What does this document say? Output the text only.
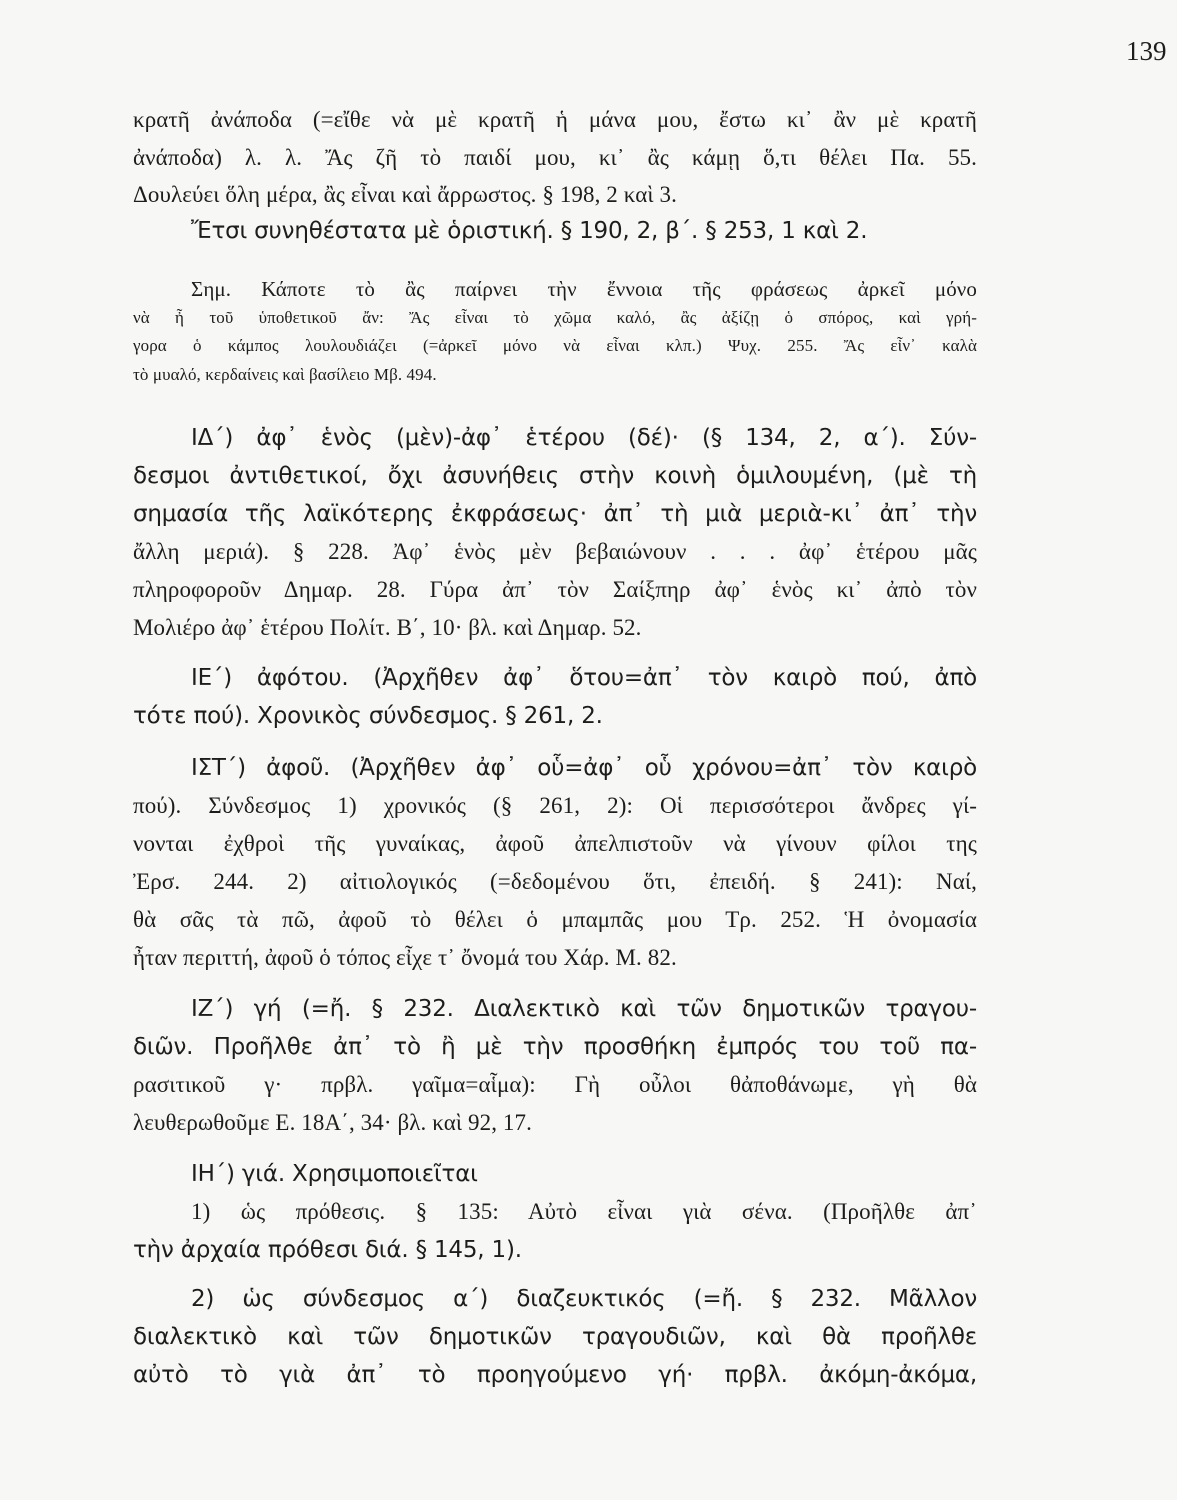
139
κρατῆ ἀνάποδα (=εἴθε νὰ μὲ κρατῆ ἡ μάνα μου, ἔστω κι᾽ ἂν μὲ κρατῆ
ἀνάποδα) λ. λ. Ἄς ζῆ τὸ παιδί μου, κι᾽ ἂς κάμῃ ὅ,τι θέλει Πα. 55.
Δουλεύει ὅλη μέρα, ἂς εἶναι καὶ ἄρρωστος. § 198, 2 καὶ 3.
Ἔτσι συνηθέστατα μὲ ὁριστική. § 190, 2, β΄. § 253, 1 καὶ 2.
Σημ. Κάποτε τὸ ἂς παίρνει τὴν ἔννοια τῆς φράσεως ἀρκεῖ μόνο
νὰ ἦ τοῦ ὑποθετικοῦ ἄν: Ἄς εἶναι τὸ χῶμα καλό, ἂς ἀξίζῃ ὁ σπόρος, καὶ γρή-
γορα ὁ κάμπος λουλουδιάζει (=ἀρκεῖ μόνο νὰ εἶναι κλπ.) Ψυχ. 255. Ἄς εἶν᾽ καλὰ
τὸ μυαλό, κερδαίνεις καὶ βασίλειο Μβ. 494.
ΙΔ΄) ἀφ᾽ ἑνὸς (μὲν)-ἀφ᾽ ἑτέρου (δέ)· (§ 134, 2, α΄). Σύν-
δεσμοι ἀντιθετικοί, ὄχι ἀσυνήθεις στὴν κοινὴ ὁμιλουμένη, (μὲ τὴ
σημασία τῆς λαϊκότερης ἐκφράσεως· ἀπ᾽ τὴ μιὰ μεριὰ-κι᾽ ἀπ᾽ τὴν
ἄλλη μεριά). § 228. Ἀφ᾽ ἑνὸς μὲν βεβαιώνουν . . . ἀφ᾽ ἑτέρου μᾶς
πληροφοροῦν Δημαρ. 28. Γύρα ἀπ᾽ τὸν Σαίξπηρ ἀφ᾽ ἑνὸς κι᾽ ἀπὸ τὸν
Μολιέρο ἀφ᾽ ἑτέρου Πολίτ. Β΄, 10· βλ. καὶ Δημαρ. 52.
ΙΕ΄) ἀφότου. (Ἀρχῆθεν ἀφ᾽ ὅτου=ἀπ᾽ τὸν καιρὸ πού, ἀπὸ
τότε πού). Χρονικὸς σύνδεσμος. § 261, 2.
ΙΣΤ΄) ἀφοῦ. (Ἀρχῆθεν ἀφ᾽ οὗ=ἀφ᾽ οὗ χρόνου=ἀπ᾽ τὸν καιρὸ
πού). Σύνδεσμος 1) χρονικός (§ 261, 2): Οἱ περισσότεροι ἄνδρες γί-
νονται ἐχθροὶ τῆς γυναίκας, ἀφοῦ ἀπελπιστοῦν νὰ γίνουν φίλοι της
Ἐρσ. 244. 2) αἰτιολογικός (=δεδομένου ὅτι, ἐπειδή. § 241): Ναί,
θὰ σᾶς τὰ πῶ, ἀφοῦ τὸ θέλει ὁ μπαμπᾶς μου Τρ. 252. Ἡ ὀνομασία
ἦταν περιττή, ἀφοῦ ὁ τόπος εἶχε τ᾽ ὄνομά του Χάρ. Μ. 82.
ΙΖ΄) γή (=ἤ. § 232. Διαλεκτικὸ καὶ τῶν δημοτικῶν τραγου-
διῶν. Προῆλθε ἀπ᾽ τὸ ἢ μὲ τὴν προσθήκη ἐμπρός του τοῦ πα-
ρασιτικοῦ γ· πρβλ. γαῖμα=αἷμα): Γὴ οὖλοι θἀποθάνωμε, γὴ θὰ
λευθερωθοῦμε Ε. 18Α΄, 34· βλ. καὶ 92, 17.
ΙΗ΄) γιά. Χρησιμοποιεῖται
1) ὡς πρόθεσις. § 135: Αὐτὸ εἶναι γιὰ σένα. (Προῆλθε ἀπ᾽
τὴν ἀρχαία πρόθεσι διά. § 145, 1).
2) ὡς σύνδεσμος α΄) διαζευκτικός (=ἤ. § 232. Μᾶλλον
διαλεκτικὸ καὶ τῶν δημοτικῶν τραγουδιῶν, καὶ θὰ προῆλθε
αὐτὸ τὸ γιὰ ἀπ᾽ τὸ προηγούμενο γή· πρβλ. ἀκόμη-ἀκόμα,
